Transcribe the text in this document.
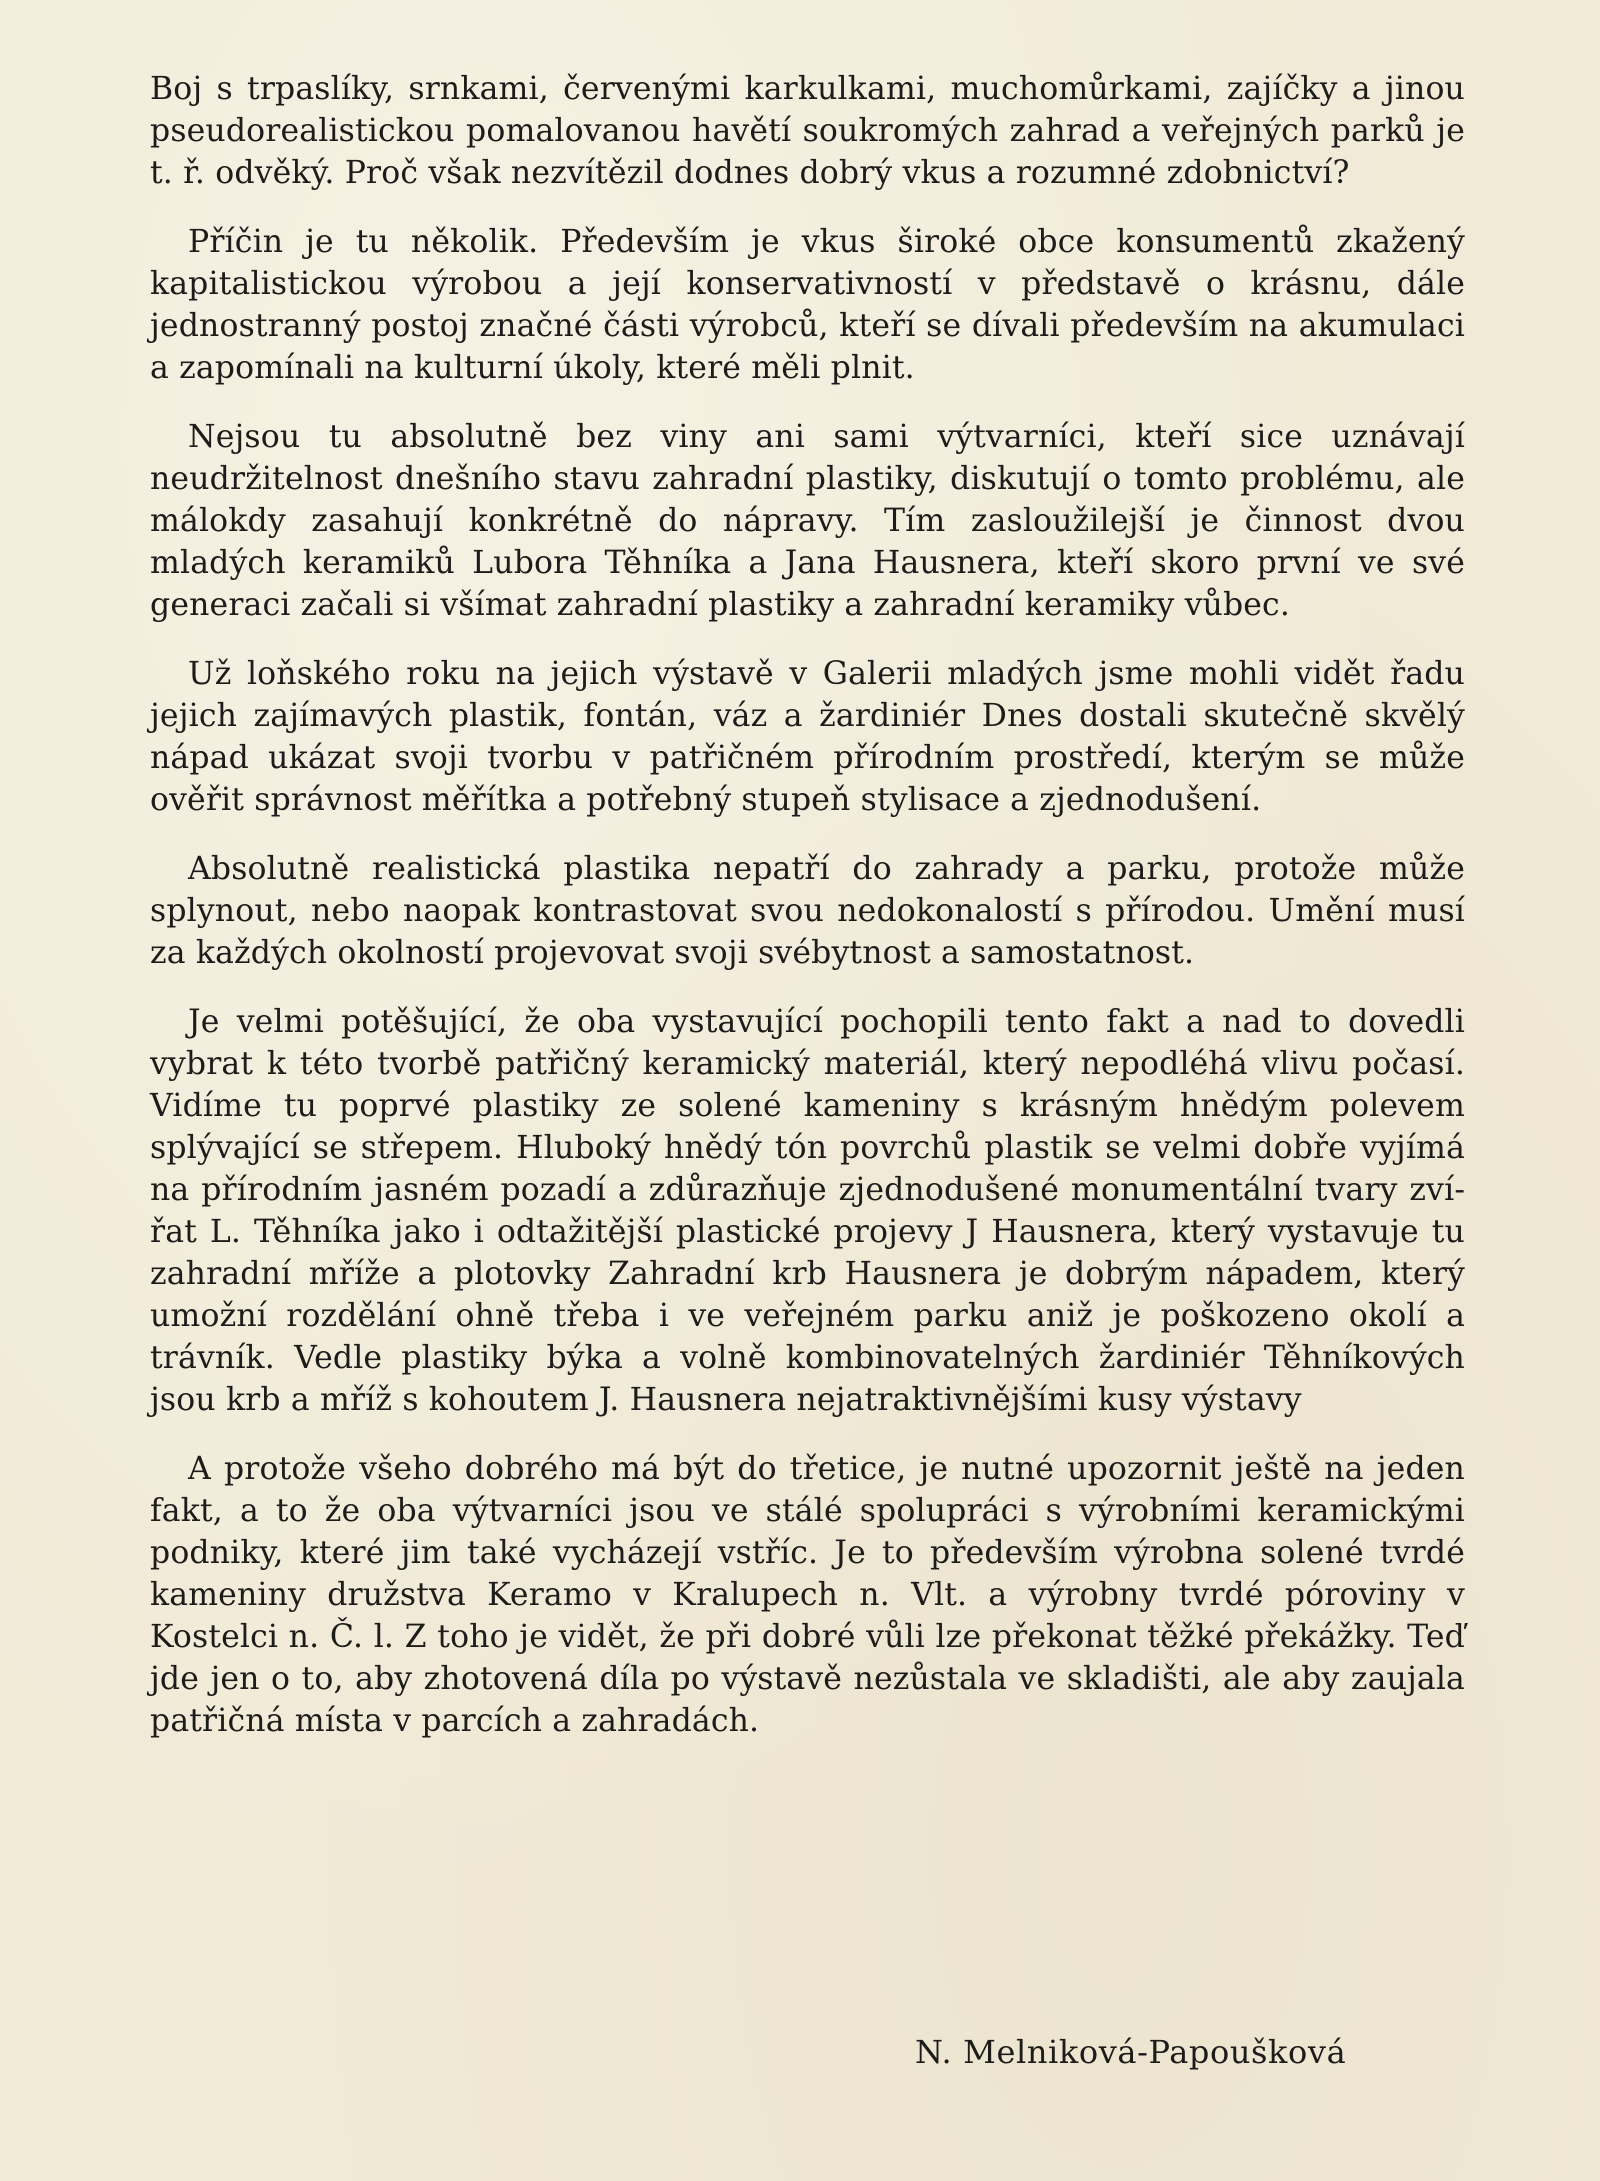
Boj s trpaslíky, srnkami, červenými karkulkami, muchomůrkami, zajíčky a jinou pseudorealistickou pomalovanou havětí soukromých zahrad a veřejných parků je t. ř. odvěký. Proč však nezvítězil dodnes dobrý vkus a rozumné zdobnictví?

Příčin je tu několik. Především je vkus široké obce konsumentů zkažený kapitalistickou výrobou a její konservativností v představě o krásnu, dále jednostranný postoj značné části výrobců, kteří se dívali především na akumulaci a zapomínali na kulturní úkoly, které měli plnit.

Nejsou tu absolutně bez viny ani sami výtvarníci, kteří sice uznávají neudržitelnost dnešního stavu zahradní plastiky, diskutují o tomto problému, ale málokdy zasahují konkrétně do nápravy. Tím zasloužilejší je činnost dvou mladých keramiků Lubora Těhníka a Jana Hausnera, kteří skoro první ve své generaci začali si všímat zahradní plastiky a zahradní keramiky vůbec.

Už loňského roku na jejich výstavě v Galerii mladých jsme mohli vidět řadu jejich zajímavých plastik, fontán, váz a žardiniér Dnes dostali skutečně skvělý nápad ukázat svoji tvorbu v patřičném přírodním prostředí, kterým se může ověřit správnost měřítka a potřebný stupeň stylisace a zjednodušení.

Absolutně realistická plastika nepatří do zahrady a parku, protože může splynout, nebo naopak kontrastovat svou nedokonalostí s přírodou. Umění musí za každých okolností projevovat svoji svébytnost a samostatnost.

Je velmi potěšující, že oba vystavující pochopili tento fakt a nad to dovedli vybrat k této tvorbě patřičný keramický materiál, který nepodléhá vlivu počasí. Vidíme tu poprvé plastiky ze solené kameniny s krásným hnědým polevem splývající se střepem. Hluboký hnědý tón povrchů plastik se velmi dobře vyjímá na přírodním jasném pozadí a zdůrazňuje zjednodušené monumentální tvary zvířat L. Těhníka jako i odtažitější plastické projevy J Hausnera, který vystavuje tu zahradní mříže a plotovky Zahradní krb Hausnera je dobrým nápadem, který umožní rozdělání ohně třeba i ve veřejném parku aniž je poškozeno okolí a trávník. Vedle plastiky býka a volně kombinovatelných žardiniér Těhníkových jsou krb a mříž s kohoutem J. Hausnera nejatraktivnějšími kusy výstavy

A protože všeho dobrého má být do třetice, je nutné upozornit ještě na jeden fakt, a to že oba výtvarníci jsou ve stálé spolupráci s výrobními keramickými podniky, které jim také vycházejí vstříc. Je to především výrobna solené tvrdé kameniny družstva Keramo v Kralupech n. Vlt. a výrobny tvrdé pórovinу v Kostelci n. Č. l. Z toho je vidět, že při dobré vůli lze překonat těžké překážky. Teď jde jen o to, aby zhotovená díla po výstavě nezůstala ve skladišti, ale aby zaujala patřičná místa v parcích a zahradách.

N. Melniková-Papoušková
